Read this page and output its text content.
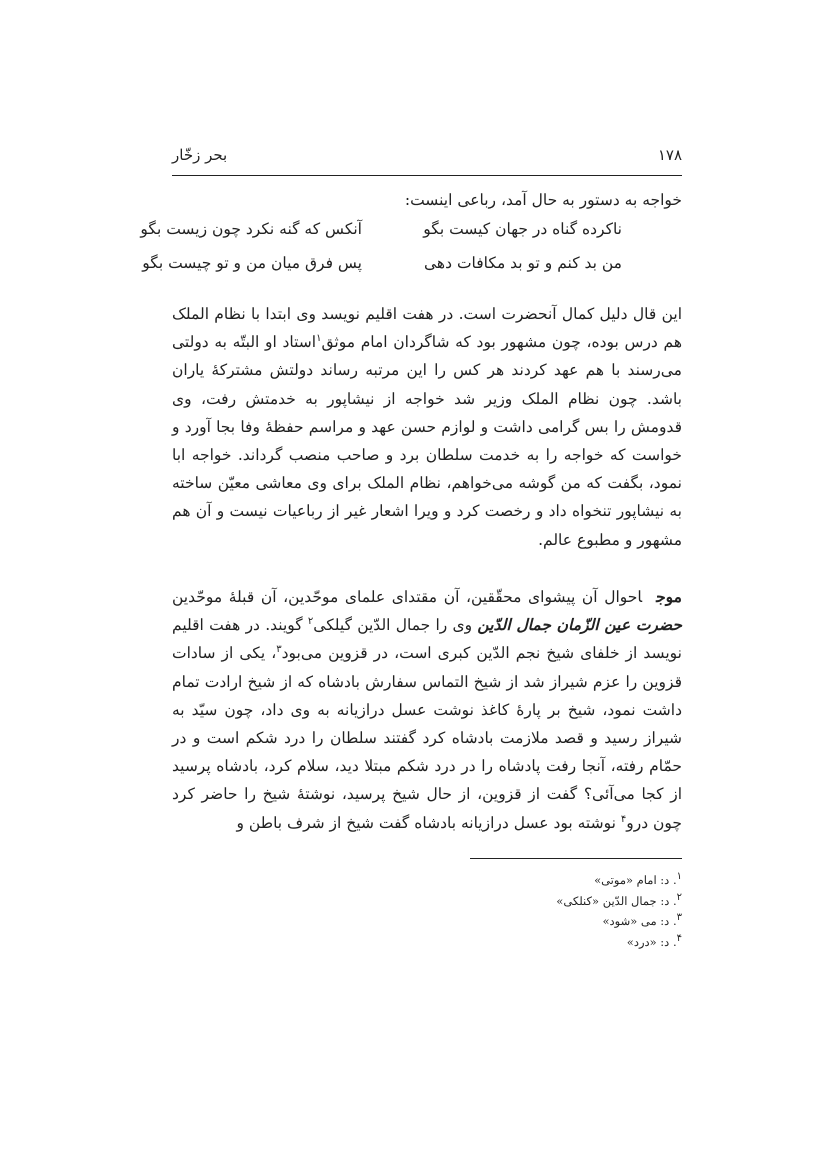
۱۷۸
بحر زخّار
خواجه به دستور به حال آمد، رباعی اینست:
ناکرده گناه در جهان کیست بگو
آنکس که گنه نکرد چون زیست بگو
من بد کنم و تو بد مکافات دهی
پس فرق میان من و تو چیست بگو
این قال دلیل کمال آنحضرت است. در هفت اقلیم نویسد وی ابتدا با نظام الملک هم درس بوده، چون مشهور بود که شاگردان امام موثق$^۱$استاد او البتّه به دولتی می‌رسند با هم عهد کردند هر کس را این مرتبه رساند دولتش مشترکهٔ یاران باشد. چون نظام الملک وزیر شد خواجه از نیشاپور به خدمتش رفت، وی قدومش را بس گرامی داشت و لوازم حسن عهد و مراسم حفظهٔ وفا بجا آورد و خواست که خواجه را به خدمت سلطان برد و صاحب منصب گرداند. خواجه ابا نمود، بگفت که من گوشه می‌خواهم، نظام الملک برای وی معاشی معیّن ساخته به نیشاپور تنخواه داد و رخصت کرد و ویرا اشعار غیر از رباعیات نیست و آن هم مشهور و مطبوع عالم.
موجاحوال آن پیشوای محقّقین، آن مقتدای علمای موحّدین، آن قبلهٔ موحّدین حضرت عین الزّمان جمال الدّین وی را جمال الدّین گیلکی$^۲$ گویند. در هفت اقلیم نویسد از خلفای شیخ نجم الدّین کبری است، در قزوین می‌بود$^۳$، یکی از سادات قزوین را عزم شیراز شد از شیخ التماس سفارش بادشاه که از شیخ ارادت تمام داشت نمود، شیخ بر پارهٔ کاغذ نوشت عسل درازیانه به وی داد، چون سیّد به شیراز رسید و قصد ملازمت بادشاه کرد گفتند سلطان را درد شکم است و در حمّام رفته، آنجا رفت پادشاه را در درد شکم مبتلا دید، سلام کرد، بادشاه پرسید از کجا می‌آئی؟ گفت از قزوین، از حال شیخ پرسید، نوشتهٔ شیخ را حاضر کرد چون درو$^۴$ نوشته بود عسل درازیانه بادشاه گفت شیخ از شرف باطن و
$^۱$. د: امام «موتی»
$^۲$. د: جمال الدّین «کنلکی»
$^۳$. د: می «شود»
$^۴$. د: «درد»
